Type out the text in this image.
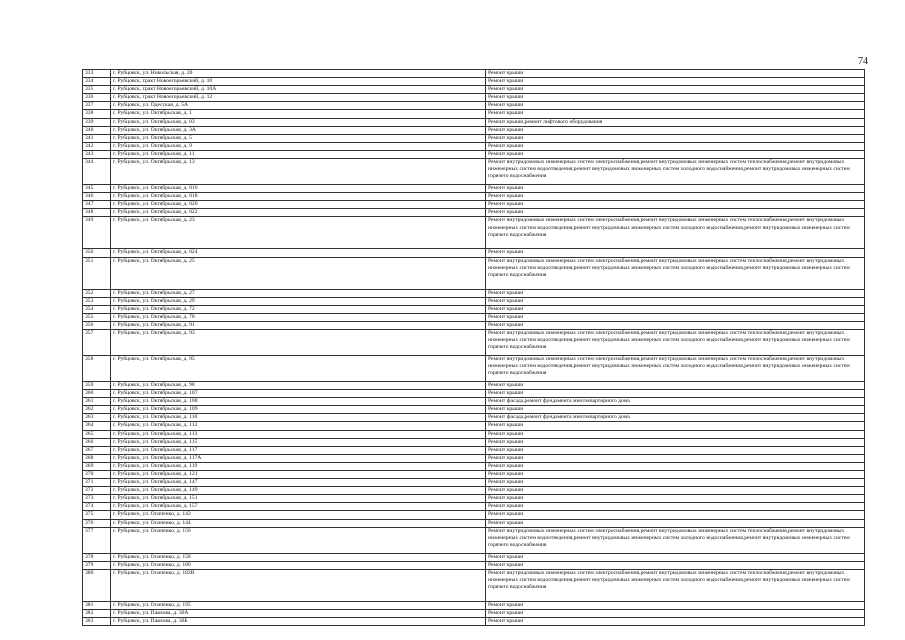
74
333	г. Рубцовск, ул. Никольская, д. 20	Ремонт крыши
334	г. Рубцовск, тракт Новоегорьевский, д. 10	Ремонт крыши
335	г. Рубцовск, тракт Новоегорьевский, д. 10А	Ремонт крыши
336	г. Рубцовск, тракт Новоегорьевский, д. 12	Ремонт крыши
337	г. Рубцовск, ул. Одесская, д. 5А	Ремонт крыши
338	г. Рубцовск, ул. Октябрьская, д. 1	Ремонт крыши
339	г. Рубцовск, ул. Октябрьская, д. 03	Ремонт крыши,ремонт лифтового оборудования
340	г. Рубцовск, ул. Октябрьская, д. 3А	Ремонт крыши
341	г. Рубцовск, ул. Октябрьская, д. 5	Ремонт крыши
342	г. Рубцовск, ул. Октябрьская, д. 9	Ремонт крыши
343	г. Рубцовск, ул. Октябрьская, д. 11	Ремонт крыши
344	г. Рубцовск, ул. Октябрьская, д. 13	Ремонт внутридомовых инженерных систем электроснабжения,ремонт внутридомовых инженерных систем теплоснабжения,ремонт внутридомовых инженерных систем водоотведения,ремонт внутридомовых инженерных систем холодного водоснабжения,ремонт внутридомовых инженерных систем горячего водоснабжения
345	г. Рубцовск, ул. Октябрьская, д. 016	Ремонт крыши
346	г. Рубцовск, ул. Октябрьская, д. 018	Ремонт крыши
347	г. Рубцовск, ул. Октябрьская, д. 020	Ремонт крыши
348	г. Рубцовск, ул. Октябрьская, д. 022	Ремонт крыши
349	г. Рубцовск, ул. Октябрьская, д. 23	Ремонт внутридомовых инженерных систем электроснабжения,ремонт внутридомовых инженерных систем теплоснабжения,ремонт внутридомовых инженерных систем водоотведения,ремонт внутридомовых инженерных систем холодного водоснабжения,ремонт внутридомовых инженерных систем горячего водоснабжения
350	г. Рубцовск, ул. Октябрьская, д. 024	Ремонт крыши
351	г. Рубцовск, ул. Октябрьская, д. 25	Ремонт внутридомовых инженерных систем электроснабжения,ремонт внутридомовых инженерных систем теплоснабжения,ремонт внутридомовых инженерных систем водоотведения,ремонт внутридомовых инженерных систем холодного водоснабжения,ремонт внутридомовых инженерных систем горячего водоснабжения
352	г. Рубцовск, ул. Октябрьская, д. 27	Ремонт крыши
353	г. Рубцовск, ул. Октябрьская, д. 29	Ремонт крыши
354	г. Рубцовск, ул. Октябрьская, д. 72	Ремонт крыши
355	г. Рубцовск, ул. Октябрьская, д. 78	Ремонт крыши
356	г. Рубцовск, ул. Октябрьская, д. 91	Ремонт крыши
357	г. Рубцовск, ул. Октябрьская, д. 93	Ремонт внутридомовых инженерных систем электроснабжения,ремонт внутридомовых инженерных систем теплоснабжения,ремонт внутридомовых инженерных систем водоотведения,ремонт внутридомовых инженерных систем холодного водоснабжения,ремонт внутридомовых инженерных систем горячего водоснабжения
358	г. Рубцовск, ул. Октябрьская, д. 95	Ремонт внутридомовых инженерных систем электроснабжения,ремонт внутридомовых инженерных систем теплоснабжения,ремонт внутридомовых инженерных систем водоотведения,ремонт внутридомовых инженерных систем холодного водоснабжения,ремонт внутридомовых инженерных систем горячего водоснабжения
359	г. Рубцовск, ул. Октябрьская, д. 98	Ремонт крыши
360	г. Рубцовск, ул. Октябрьская, д. 107	Ремонт крыши
361	г. Рубцовск, ул. Октябрьская, д. 108	Ремонт фасада,ремонт фундамента многоквартирного дома
362	г. Рубцовск, ул. Октябрьская, д. 109	Ремонт крыши
363	г. Рубцовск, ул. Октябрьская, д. 110	Ремонт фасада,ремонт фундамента многоквартирного дома
364	г. Рубцовск, ул. Октябрьская, д. 112	Ремонт крыши
365	г. Рубцовск, ул. Октябрьская, д. 113	Ремонт крыши
366	г. Рубцовск, ул. Октябрьская, д. 115	Ремонт крыши
367	г. Рубцовск, ул. Октябрьская, д. 117	Ремонт крыши
368	г. Рубцовск, ул. Октябрьская, д. 117А	Ремонт крыши
369	г. Рубцовск, ул. Октябрьская, д. 119	Ремонт крыши
370	г. Рубцовск, ул. Октябрьская, д. 121	Ремонт крыши
371	г. Рубцовск, ул. Октябрьская, д. 147	Ремонт крыши
372	г. Рубцовск, ул. Октябрьская, д. 149	Ремонт крыши
373	г. Рубцовск, ул. Октябрьская, д. 151	Ремонт крыши
374	г. Рубцовск, ул. Октябрьская, д. 157	Ремонт крыши
375	г. Рубцовск, ул. Осипенко, д. 142	Ремонт крыши
376	г. Рубцовск, ул. Осипенко, д. 144	Ремонт крыши
377	г. Рубцовск, ул. Осипенко, д. 156	Ремонт внутридомовых инженерных систем электроснабжения,ремонт внутридомовых инженерных систем теплоснабжения,ремонт внутридомовых инженерных систем водоотведения,ремонт внутридомовых инженерных систем холодного водоснабжения,ремонт внутридомовых инженерных систем горячего водоснабжения
378	г. Рубцовск, ул. Осипенко, д. 158	Ремонт крыши
379	г. Рубцовск, ул. Осипенко, д. 180	Ремонт крыши
380	г. Рубцовск, ул. Осипенко, д. 182В	Ремонт внутридомовых инженерных систем электроснабжения,ремонт внутридомовых инженерных систем теплоснабжения,ремонт внутридомовых инженерных систем водоотведения,ремонт внутридомовых инженерных систем холодного водоснабжения,ремонт внутридомовых инженерных систем горячего водоснабжения
381	г. Рубцовск, ул. Осипенко, д. 195	Ремонт крыши
382	г. Рубцовск, ул. Павлова, д. 30А	Ремонт крыши
383	г. Рубцовск, ул. Павлова, д. 30Б	Ремонт крыши
